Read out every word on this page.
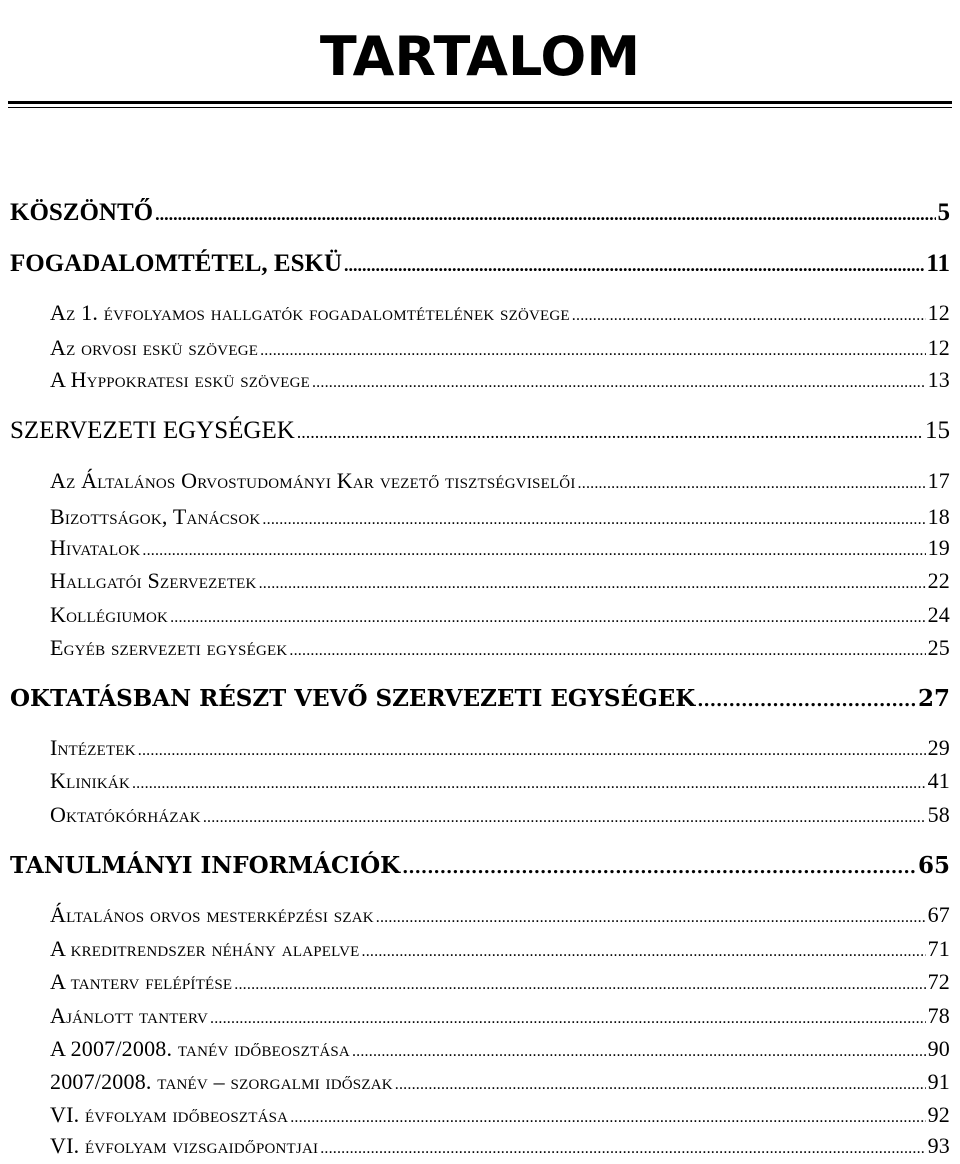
TARTALOM
KÖSZÖNTŐ .....	5
FOGADALOMTÉTEL, ESKÜ .....	11
Az 1. évfolyamos hallgatók fogadalomtételének szövege .....	12
Az orvosi eskü szövege .....	12
A Hyppokratesi eskü szövege .....	13
SZERVEZETI EGYSÉGEK .....	15
Az Általános Orvostudományi Kar vezető tisztségviselői .....	17
Bizottságok, Tanácsok .....	18
Hivatalok .....	19
Hallgatói Szervezetek .....	22
Kollégiumok .....	24
Egyéb szervezeti egységek .....	25
OKTATÁSBAN RÉSZT VEVŐ SZERVEZETI EGYSÉGEK .....	27
Intézetek .....	29
Klinikák .....	41
Oktatókórházak .....	58
TANULMÁNYI INFORMÁCIÓK .....	65
Általános orvos mesterképzési szak .....	67
A kreditrendszer néhány alapelve .....	71
A tanterv felépítése .....	72
Ajánlott tanterv .....	78
A 2007/2008. tanév időbeosztása .....	90
2007/2008. tanév – szorgalmi időszak .....	91
VI. évfolyam időbeosztása .....	92
VI. évfolyam vizsgaidőpontjai .....	93
